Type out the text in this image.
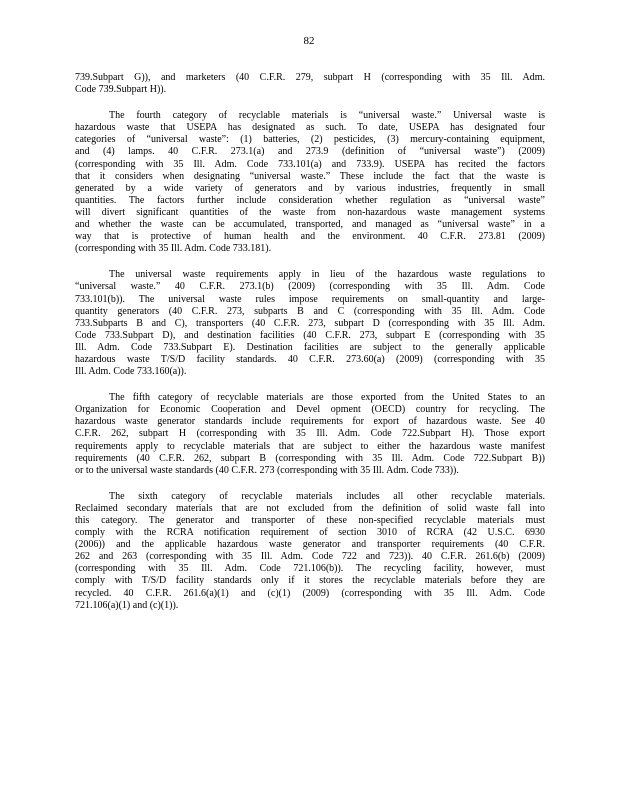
82
739.Subpart G)), and marketers (40 C.F.R. 279, subpart H (corresponding with 35 Ill. Adm.
Code 739.Subpart H)).
The fourth category of recyclable materials is “universal waste.” Universal waste is
hazardous waste that USEPA has designated as such. To date, USEPA has designated four
categories of “universal waste”: (1) batteries, (2) pesticides, (3) mercury-containing equipment,
and (4) lamps. 40 C.F.R. 273.1(a) and 273.9 (definition of “universal waste”) (2009)
(corresponding with 35 Ill. Adm. Code 733.101(a) and 733.9). USEPA has recited the factors
that it considers when designating “universal waste.” These include the fact that the waste is
generated by a wide variety of generators and by various industries, frequently in small
quantities. The factors further include consideration whether regulation as “universal waste”
will divert significant quantities of the waste from non-hazardous waste management systems
and whether the waste can be accumulated, transported, and managed as “universal waste” in a
way that is protective of human health and the environment. 40 C.F.R. 273.81 (2009)
(corresponding with 35 Ill. Adm. Code 733.181).
The universal waste requirements apply in lieu of the hazardous waste regulations to
“universal waste.” 40 C.F.R. 273.1(b) (2009) (corresponding with 35 Ill. Adm. Code
733.101(b)). The universal waste rules impose requirements on small-quantity and large-
quantity generators (40 C.F.R. 273, subparts B and C (corresponding with 35 Ill. Adm. Code
733.Subparts B and C), transporters (40 C.F.R. 273, subpart D (corresponding with 35 Ill. Adm.
Code 733.Subpart D), and destination facilities (40 C.F.R. 273, subpart E (corresponding with 35
Ill. Adm. Code 733.Subpart E). Destination facilities are subject to the generally applicable
hazardous waste T/S/D facility standards. 40 C.F.R. 273.60(a) (2009) (corresponding with 35
Ill. Adm. Code 733.160(a)).
The fifth category of recyclable materials are those exported from the United States to an
Organization for Economic Cooperation and Devel opment (OECD) country for recycling. The
hazardous waste generator standards include requirements for export of hazardous waste. See 40
C.F.R. 262, subpart H (corresponding with 35 Ill. Adm. Code 722.Subpart H). Those export
requirements apply to recyclable materials that are subject to either the hazardous waste manifest
requirements (40 C.F.R. 262, subpart B (corresponding with 35 Ill. Adm. Code 722.Subpart B))
or to the universal waste standards (40 C.F.R. 273 (corresponding with 35 Ill. Adm. Code 733)).
The sixth category of recyclable materials includes all other recyclable materials.
Reclaimed secondary materials that are not excluded from the definition of solid waste fall into
this category. The generator and transporter of these non-specified recyclable materials must
comply with the RCRA notification requirement of section 3010 of RCRA (42 U.S.C. 6930
(2006)) and the applicable hazardous waste generator and transporter requirements (40 C.F.R.
262 and 263 (corresponding with 35 Ill. Adm. Code 722 and 723)). 40 C.F.R. 261.6(b) (2009)
(corresponding with 35 Ill. Adm. Code 721.106(b)). The recycling facility, however, must
comply with T/S/D facility standards only if it stores the recyclable materials before they are
recycled. 40 C.F.R. 261.6(a)(1) and (c)(1) (2009) (corresponding with 35 Ill. Adm. Code
721.106(a)(1) and (c)(1)).
